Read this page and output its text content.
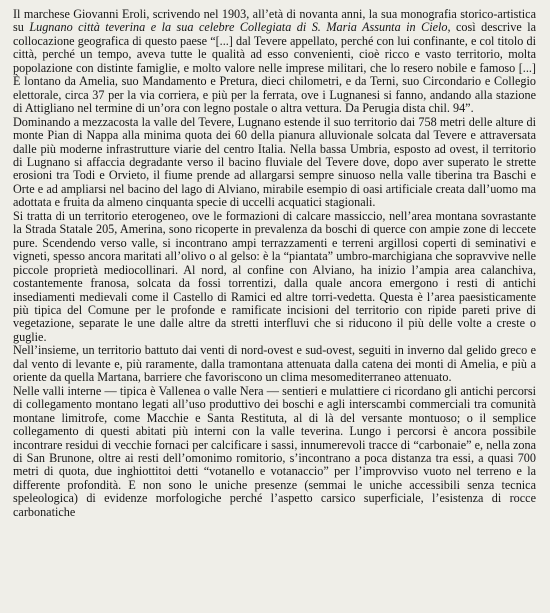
Il marchese Giovanni Eroli, scrivendo nel 1903, all’età di novanta anni, la sua monografia storico-artistica su Lugnano città teverina e la sua celebre Collegiata di S. Maria Assunta in Cielo, così descrive la collocazione geografica di questo paese “[...] dal Tevere appellato, perché con lui confinante, e col titolo di città, perché un tempo, aveva tutte le qualità ad esso convenienti, cioè ricco e vasto territorio, molta popolazione con distinte famiglie, e molto valore nelle imprese militari, che lo resero nobile e famoso [...] È lontano da Amelia, suo Mandamento e Pretura, dieci chilometri, e da Terni, suo Circondario e Collegio elettorale, circa 37 per la via corriera, e più per la ferrata, ove i Lugnanesi si fanno, andando alla stazione di Attigliano nel termine di un’ora con legno postale o altra vettura. Da Perugia dista chil. 94”.

Dominando a mezzacosta la valle del Tevere, Lugnano estende il suo territorio dai 758 metri delle alture di monte Pian di Nappa alla minima quota dei 60 della pianura alluvionale solcata dal Tevere e attraversata dalle più moderne infrastrutture viarie del centro Italia. Nella bassa Umbria, esposto ad ovest, il territorio di Lugnano si affaccia degradante verso il bacino fluviale del Tevere dove, dopo aver superato le strette erosioni tra Todi e Orvieto, il fiume prende ad allargarsi sempre sinuoso nella valle tiberina tra Baschi e Orte e ad ampliarsi nel bacino del lago di Alviano, mirabile esempio di oasi artificiale creata dall’uomo ma adottata e fruita da almeno cinquanta specie di uccelli acquatici stagionali.

Si tratta di un territorio eterogeneo, ove le formazioni di calcare massiccio, nell’area montana sovrastante la Strada Statale 205, Amerina, sono ricoperte in prevalenza da boschi di querce con ampie zone di leccete pure. Scendendo verso valle, si incontrano ampi terrazzamenti e terreni argillosi coperti di seminativi e vigneti, spesso ancora maritati all’olivo o al gelso: è la “piantata” umbro-marchigiana che sopravvive nelle piccole proprietà mediocollinari. Al nord, al confine con Alviano, ha inizio l’ampia area calanchiva, costantemente franosa, solcata da fossi torrentizi, dalla quale ancora emergono i resti di antichi insediamenti medievali come il Castello di Ramici ed altre torri-vedetta. Questa è l’area paesisticamente più tipica del Comune per le profonde e ramificate incisioni del territorio con ripide pareti prive di vegetazione, separate le une dalle altre da stretti interfluvi che si riducono il più delle volte a creste o guglie.

Nell’insieme, un territorio battuto dai venti di nord-ovest e sud-ovest, seguiti in inverno dal gelido greco e dal vento di levante e, più raramente, dalla tramontana attenuata dalla catena dei monti di Amelia, e più a oriente da quella Martana, barriere che favoriscono un clima mesomediterraneo attenuato.

Nelle valli interne — tipica è Vallenea o valle Nera — sentieri e mulattiere ci ricordano gli antichi percorsi di collegamento montano legati all’uso produttivo dei boschi e agli interscambi commerciali tra comunità montane limitrofe, come Macchie e Santa Restituta, al di là del versante montuoso; o il semplice collegamento di questi abitati più interni con la valle teverina. Lungo i percorsi è ancora possibile incontrare residui di vecchie fornaci per calcificare i sassi, innumerevoli tracce di “carbonaie” e, nella zona di San Brunone, oltre ai resti dell’omonimo romitorio, s’incontrano a poca distanza tra essi, a quasi 700 metri di quota, due inghiottitoi detti “votanello e votanaccio” per l’improvviso vuoto nel terreno e la differente profondità. E non sono le uniche presenze (semmai le uniche accessibili senza tecnica speleologica) di evidenze morfologiche perché l’aspetto carsico superficiale, l’esistenza di rocce carbonatiche
